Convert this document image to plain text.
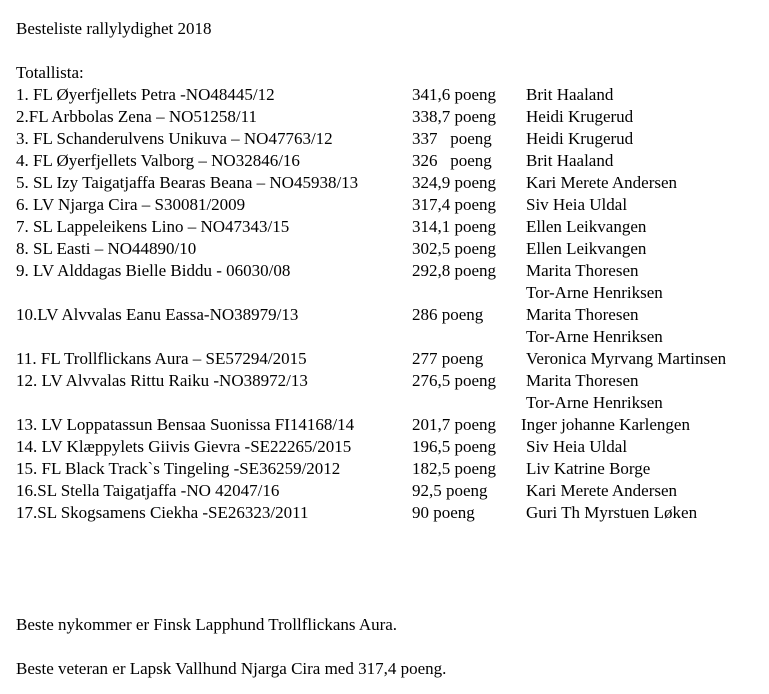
Besteliste rallylydighet 2018
Totallista:
1. FL Øyerfjellets Petra -NO48445/12	341,6 poeng Brit Haaland
2.FL Arbbolas Zena – NO51258/11	338,7 poeng Heidi Krugerud
3. FL Schanderulvens Unikuva – NO47763/12	337   poeng Heidi Krugerud
4. FL Øyerfjellets Valborg – NO32846/16	326   poeng Brit Haaland
5. SL Izy Taigatjaffa Bearas Beana – NO45938/13	324,9 poeng Kari Merete Andersen
6. LV Njarga Cira – S30081/2009	317,4 poeng Siv Heia Uldal
7. SL Lappeleikens Lino – NO47343/15	314,1 poeng Ellen Leikvangen
8. SL Easti – NO44890/10	302,5 poeng Ellen Leikvangen
9. LV Alddagas Bielle Biddu - 06030/08	292,8 poeng Marita Thoresen
Tor-Arne Henriksen
10.LV Alvvalas Eanu Eassa-NO38979/13	286 poeng	Marita Thoresen
Tor-Arne Henriksen
11. FL Trollflickans Aura – SE57294/2015	277 poeng	Veronica Myrvang Martinsen
12. LV Alvvalas Rittu Raiku -NO38972/13	276,5 poeng Marita Thoresen
Tor-Arne Henriksen
13. LV Loppatassun Bensaa Suonissa FI14168/14	201,7 poeng Inger johanne Karlengen
14. LV Klæppylets Giivis Gievra -SE22265/2015	196,5 poeng Siv Heia Uldal
15. FL Black Track`s Tingeling -SE36259/2012	182,5 poeng Liv Katrine Borge
16.SL Stella Taigatjaffa -NO 42047/16	92,5 poeng Kari Merete Andersen
17.SL Skogsamens Ciekha -SE26323/2011	90 poeng	Guri Th Myrstuen Løken
Beste nykommer er Finsk Lapphund Trollflickans Aura.
Beste veteran er Lapsk Vallhund Njarga Cira med 317,4 poeng.
